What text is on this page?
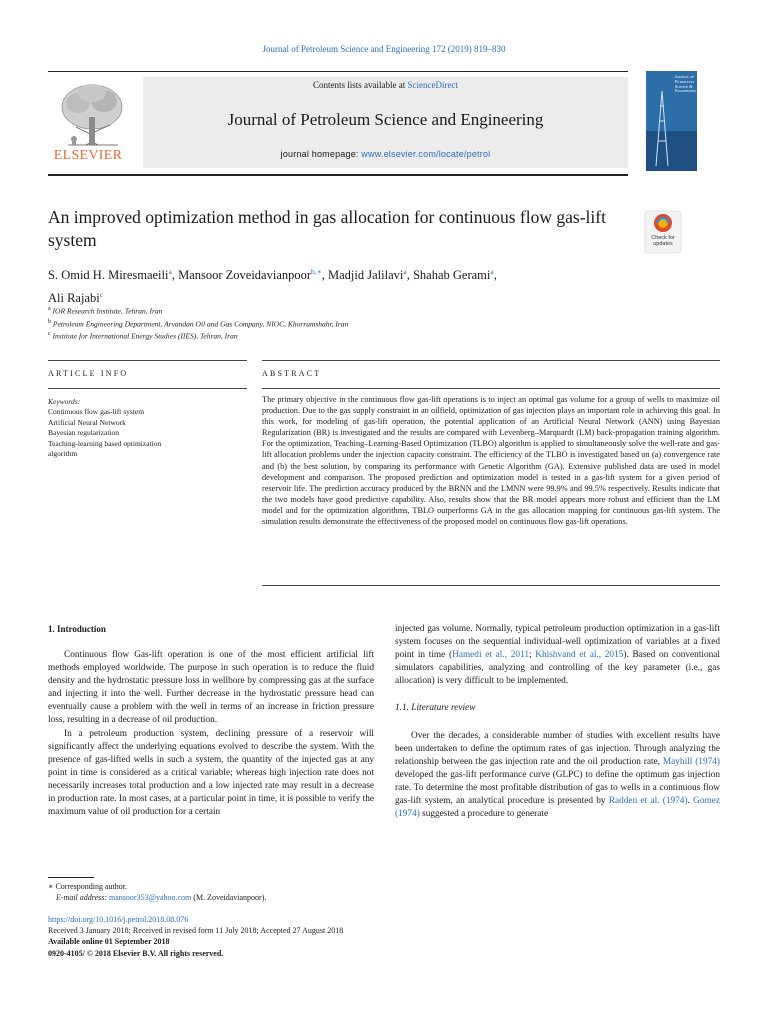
Journal of Petroleum Science and Engineering 172 (2019) 819–830
ELSEVIER
Contents lists available at ScienceDirect
Journal of Petroleum Science and Engineering
journal homepage: www.elsevier.com/locate/petrol
Journal of
Petroleum
Science &
Engineering
An improved optimization method in gas allocation for continuous flow gas-lift system	Check for
updates
S. Omid H. Miresmaeili$^a$, Mansoor Zoveidavianpoor$^{b,∗}$, Madjid Jalilavi$^a$, Shahab Gerami$^a$,
Ali Rajabi$^c$
$^a$ IOR Research Institute, Tehran, Iran
$^b$ Petroleum Engineering Department, Arvandan Oil and Gas Company, NIOC, Khorramshahr, Iran
$^c$ Institute for International Energy Studies (IIES), Tehran, Iran
ARTICLE INFO	ABSTRACT
Keywords:
Continuous flow gas-lift system
Artificial Neural Network
Bayesian regularization
Teaching-learning based optimization
algorithm
The primary objective in the continuous flow gas-lift operations is to inject an optimal gas volume for a group of wells to maximize oil production. Due to the gas supply constraint in an oilfield, optimization of gas injection plays an important role in achieving this goal. In this work, for modeling of gas-lift operation, the potential application of an Artificial Neural Network (ANN) using Bayesian Regularization (BR) is investigated and the results are compared with Levenberg–Marquardt (LM) back-propagation training algorithm. For the optimization, Teaching–Learning-Based Optimization (TLBO) algorithm is applied to simultaneously solve the well-rate and gas-lift allocation problems under the injection capacity constraint. The efficiency of the TLBO is investigated based on (a) convergence rate and (b) the best solution, by comparing its performance with Genetic Algorithm (GA). Extensive published data are used in model development and comparison. The proposed prediction and optimization model is tested in a gas-lift system for a given period of reservoir life. The prediction accuracy produced by the BRNN and the LMNN were 99.9% and 99.5% respectively. Results indicate that the two models have good predictive capability. Also, results show that the BR model appears more robust and efficient than the LM model and for the optimization algorithms, TBLO outperforms GA in the gas allocation mapping for continuous gas-lift system. The simulation results demonstrate the effectiveness of the proposed model on continuous flow gas-lift operations.
1. Introduction

Continuous flow Gas-lift operation is one of the most efficient artificial lift methods employed worldwide. The purpose in such operation is to reduce the fluid density and the hydrostatic pressure loss in wellbore by compressing gas at the surface and injecting it into the well. Further decrease in the hydrostatic pressure head can eventually cause a problem with the well in terms of an increase in friction pressure loss, resulting in a decrease of oil production.

In a petroleum production system, declining pressure of a reservoir will significantly affect the underlying equations evolved to describe the system. With the presence of gas-lifted wells in such a system, the quantity of the injected gas at any point in time is considered as a critical variable; whereas high injection rate does not necessarily increases total production and a low injected rate may result in a decrease in production rate. In most cases, at a particular point in time, it is possible to verify the maximum value of oil production for a certain

injected gas volume. Normally, typical petroleum production optimization in a gas-lift system focuses on the sequential individual-well optimization of variables at a fixed point in time (Hamedi et al., 2011; Khishvand et al., 2015). Based on conventional simulators capabilities, analyzing and controlling of the key parameter (i.e., gas allocation) is very difficult to be implemented.

1.1. Literature review

Over the decades, a considerable number of studies with excellent results have been undertaken to define the optimum rates of gas injection. Through analyzing the relationship between the gas injection rate and the oil production rate, Mayhill (1974) developed the gas-lift performance curve (GLPC) to define the optimum gas injection rate. To determine the most profitable distribution of gas to wells in a continuous flow gas-lift system, an analytical procedure is presented by Radden et al. (1974). Gomez (1974) suggested a procedure to generate

∗ Corresponding author.
E-mail address: mansoor353@yahoo.com (M. Zoveidavianpoor).
https://doi.org/10.1016/j.petrol.2018.08.076
Received 3 January 2018; Received in revised form 11 July 2018; Accepted 27 August 2018
Available online 01 September 2018
0920-4105/ © 2018 Elsevier B.V. All rights reserved.
